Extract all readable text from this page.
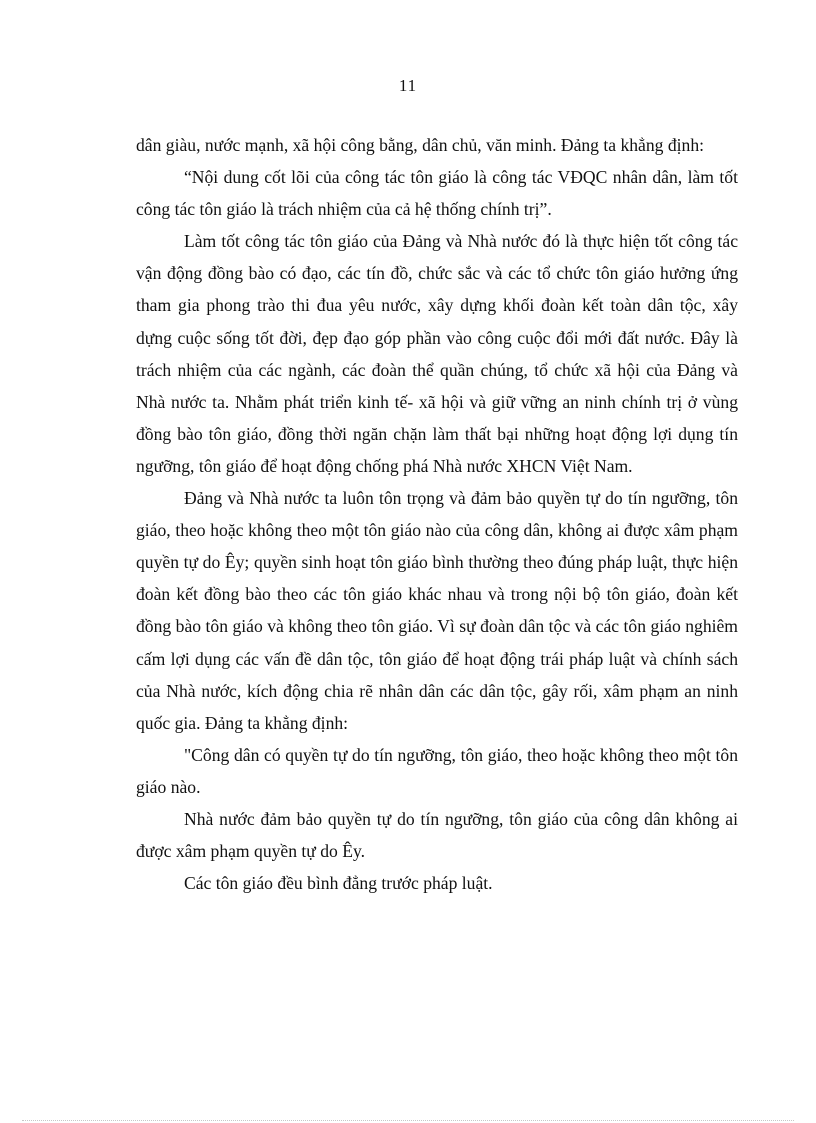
11

dân giàu, nước mạnh, xã hội công bằng, dân chủ, văn minh. Đảng ta khẳng định:

“Nội dung cốt lõi của công tác tôn giáo là công tác VĐQC nhân dân, làm tốt công tác tôn giáo là trách nhiệm của cả hệ thống chính trị”.

Làm tốt công tác tôn giáo của Đảng và Nhà nước đó là thực hiện tốt công tác vận động đồng bào có đạo, các tín đồ, chức sắc và các tổ chức tôn giáo hưởng ứng tham gia phong trào thi đua yêu nước, xây dựng khối đoàn kết toàn dân tộc, xây dựng cuộc sống tốt đời, đẹp đạo góp phần vào công cuộc đổi mới đất nước. Đây là trách nhiệm của các ngành, các đoàn thể quần chúng, tổ chức xã hội của Đảng và Nhà nước ta. Nhằm phát triển kinh tế- xã hội và giữ vững an ninh chính trị ở vùng đồng bào tôn giáo, đồng thời ngăn chặn làm thất bại những hoạt động lợi dụng tín ngưỡng, tôn giáo để hoạt động chống phá Nhà nước XHCN Việt Nam.

Đảng và Nhà nước ta luôn tôn trọng và đảm bảo quyền tự do tín ngưỡng, tôn giáo, theo hoặc không theo một tôn giáo nào của công dân, không ai được xâm phạm quyền tự do Êy; quyền sinh hoạt tôn giáo bình thường theo đúng pháp luật, thực hiện đoàn kết đồng bào theo các tôn giáo khác nhau và trong nội bộ tôn giáo, đoàn kết đồng bào tôn giáo và không theo tôn giáo. Vì sự đoàn dân tộc và các tôn giáo nghiêm cấm lợi dụng các vấn đề dân tộc, tôn giáo để hoạt động trái pháp luật và chính sách của Nhà nước, kích động chia rẽ nhân dân các dân tộc, gây rối, xâm phạm an ninh quốc gia. Đảng ta khẳng định:

"Công dân có quyền tự do tín ngưỡng, tôn giáo, theo hoặc không theo một tôn giáo nào.

Nhà nước đảm bảo quyền tự do tín ngưỡng, tôn giáo của công dân không ai được xâm phạm quyền tự do Êy.

Các tôn giáo đều bình đẳng trước pháp luật.
